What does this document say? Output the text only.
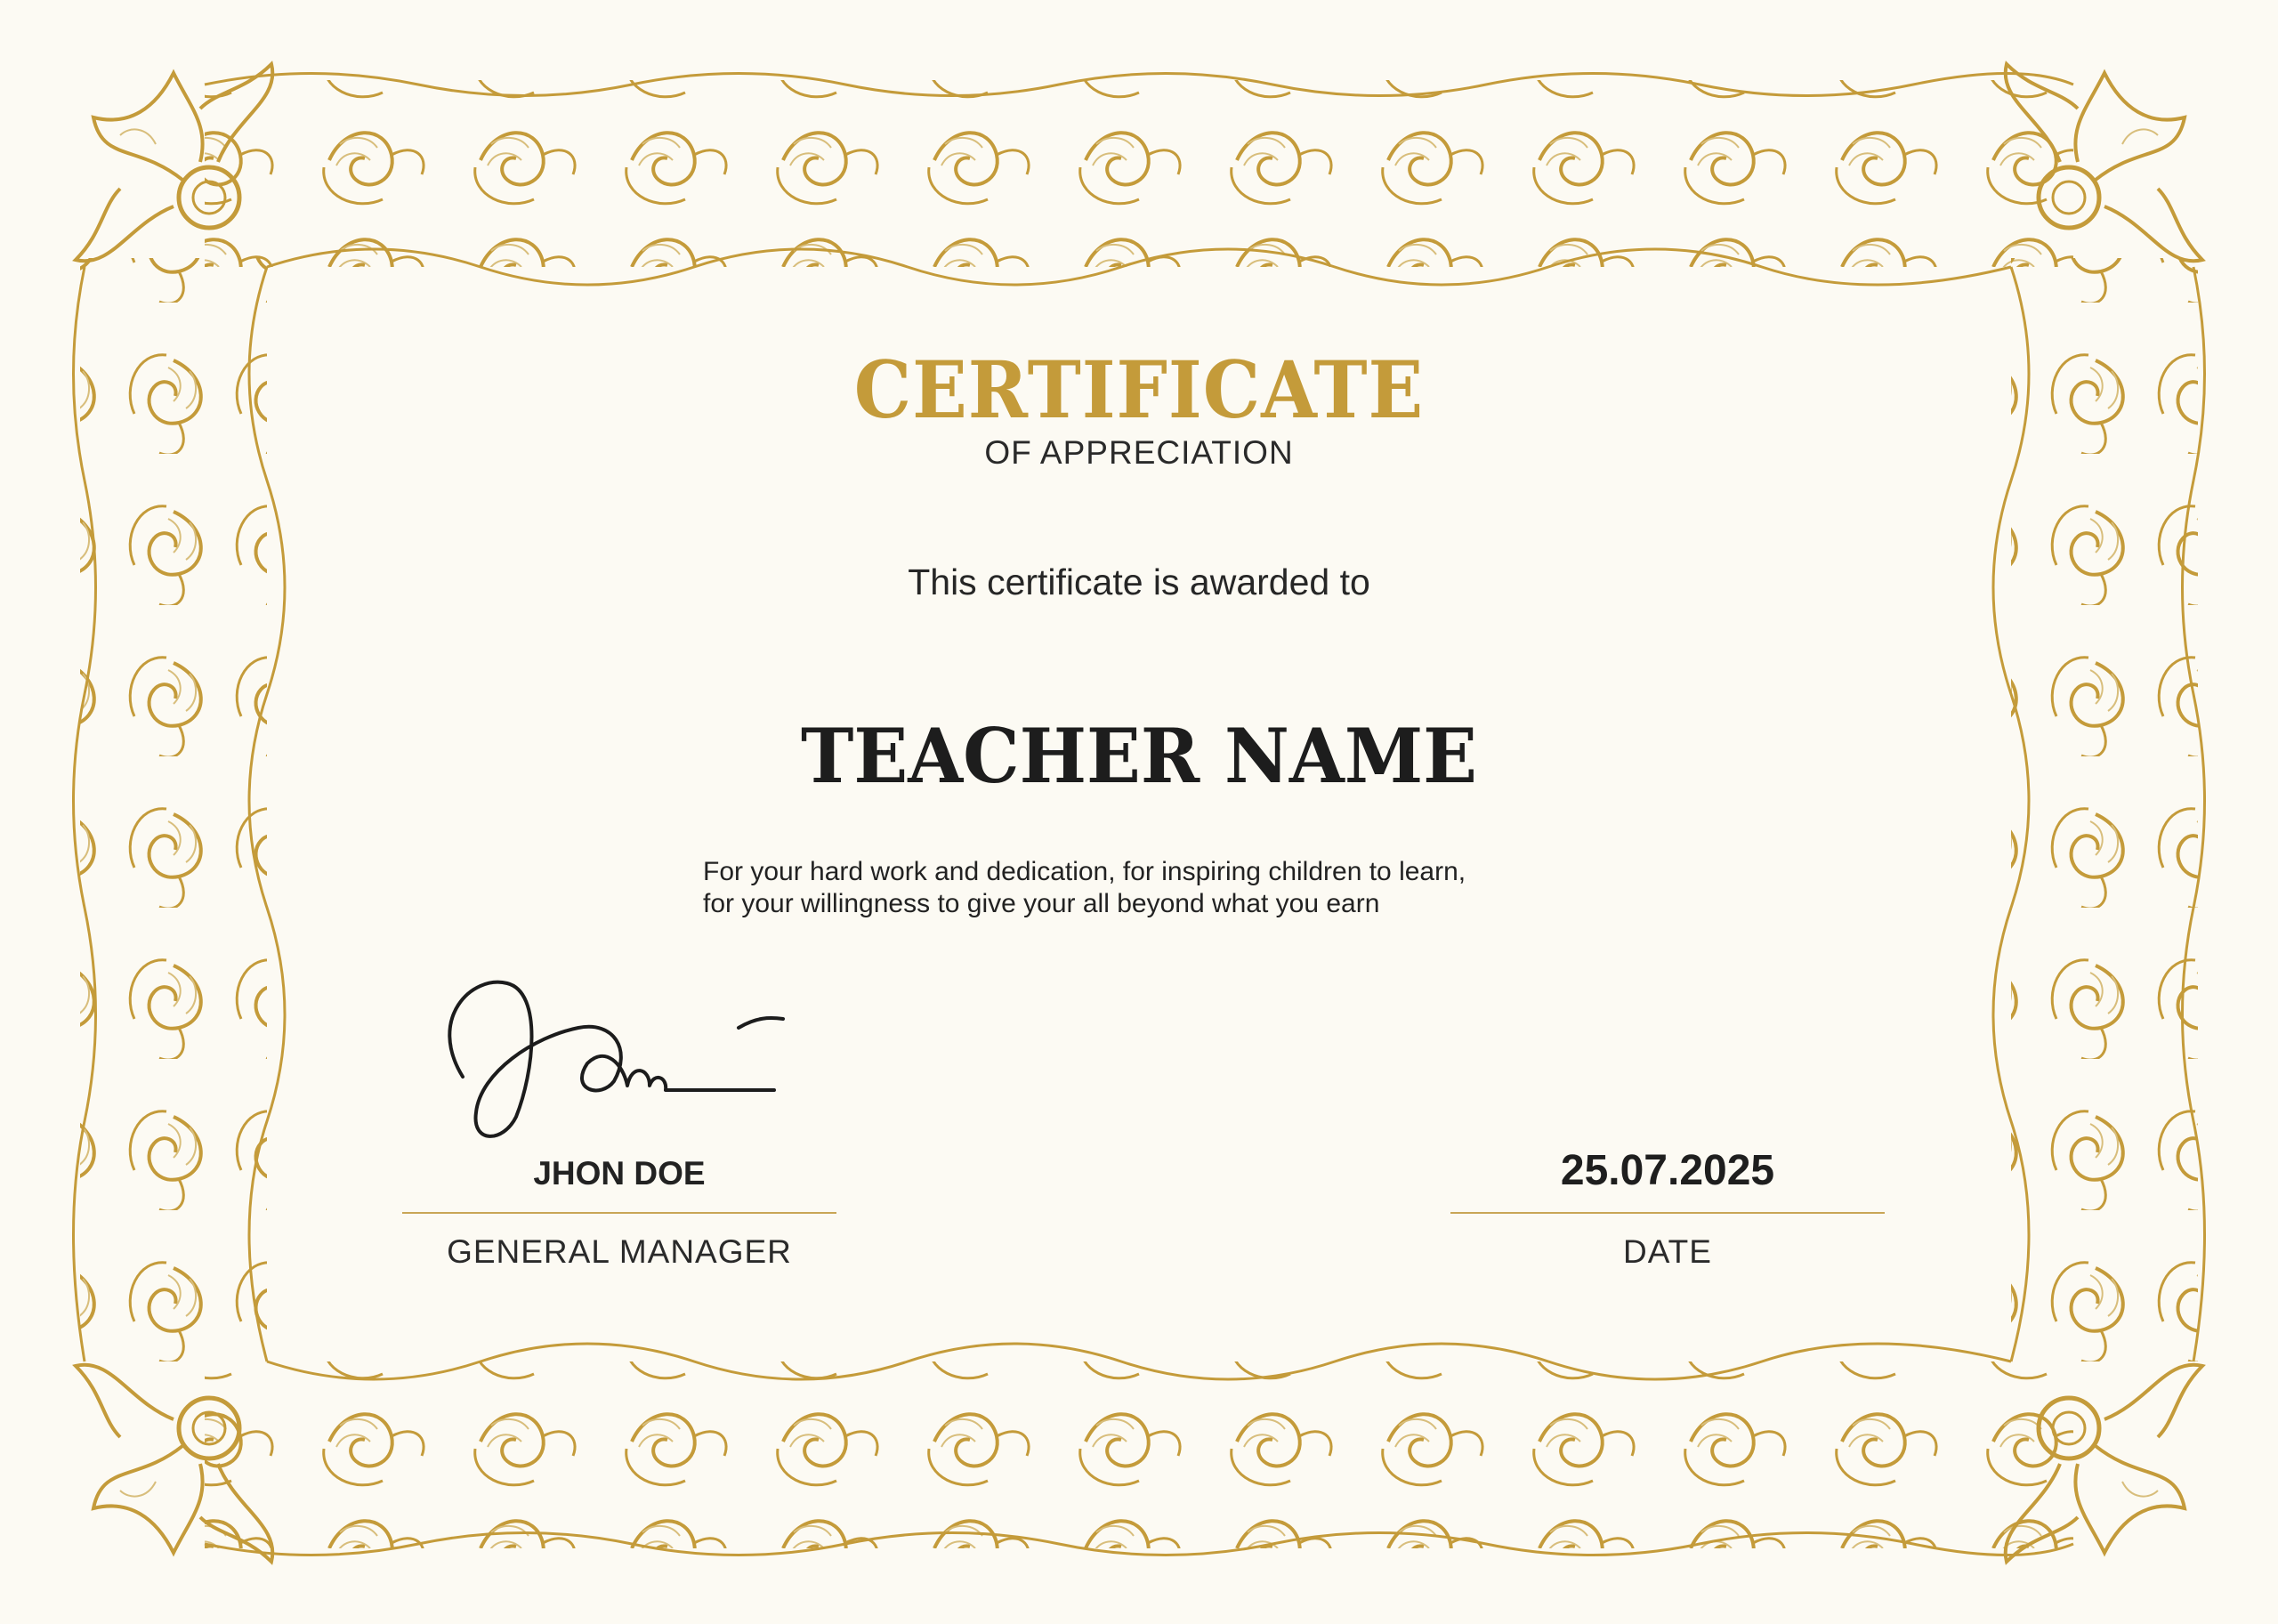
CERTIFICATE
OF APPRECIATION
This certificate is awarded to
TEACHER NAME
For your hard work and dedication, for inspiring children to learn,
for your willingness to give your all beyond what you earn
JHON DOE
GENERAL MANAGER
25.07.2025
DATE
